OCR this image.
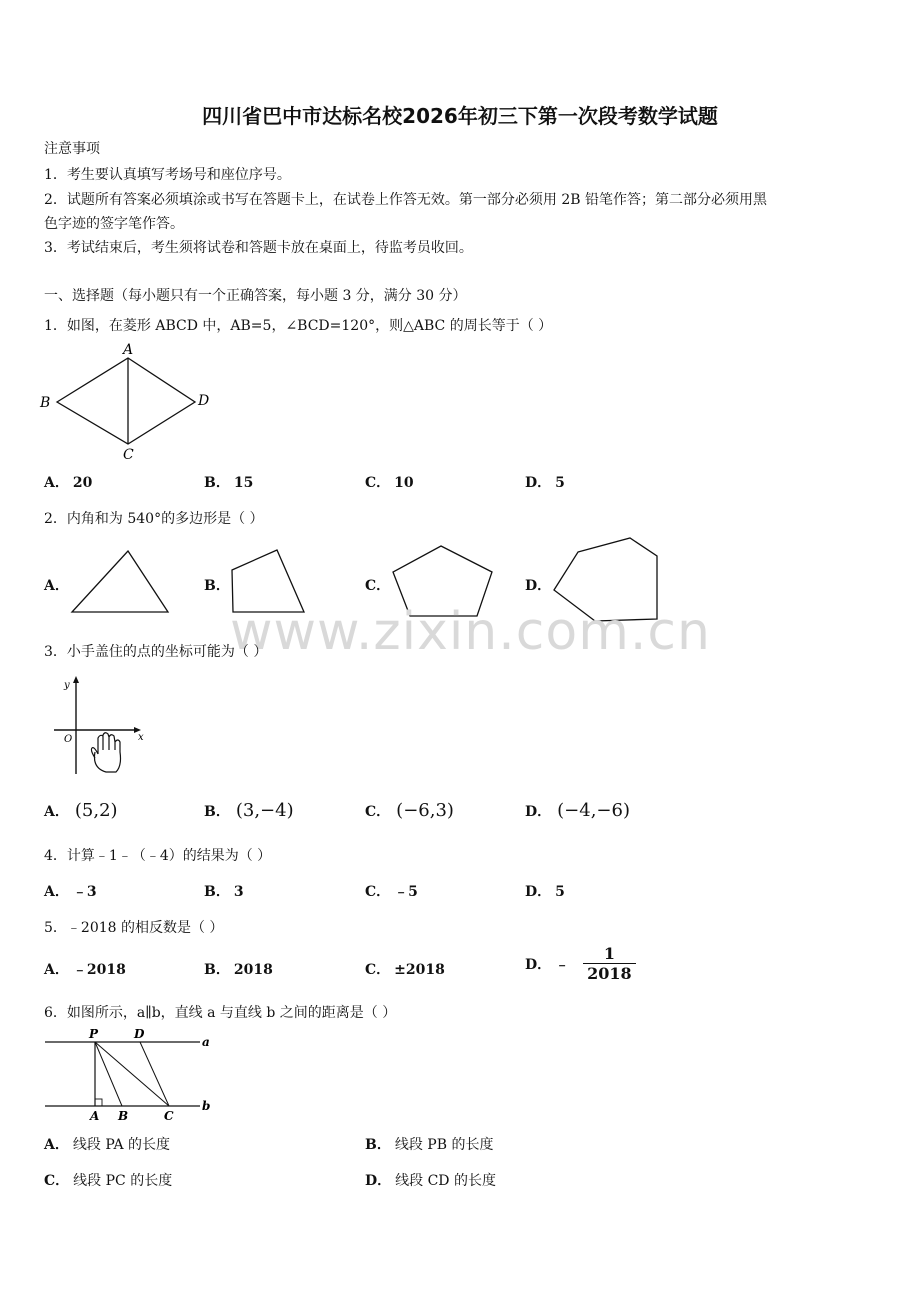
四川省巴中市达标名校2026年初三下第一次段考数学试题
注意事项
1．考生要认真填写考场号和座位序号。
2．试题所有答案必须填涂或书写在答题卡上，在试卷上作答无效。第一部分必须用 2B 铅笔作答；第二部分必须用黑
色字迹的签字笔作答。
3．考试结束后，考生须将试卷和答题卡放在桌面上，待监考员收回。
一、选择题（每小题只有一个正确答案，每小题 3 分，满分 30 分）
1．如图，在菱形 ABCD 中，AB=5，∠BCD=120°，则△ABC 的周长等于（ ）
A
B
C
D
A． 20	B． 15	C． 10	D． 5
2．内角和为 540°的多边形是（ ）
A．	B．	C．	D．
www.zixin.com.cn
3．小手盖住的点的坐标可能为（ ）
y
x
O
A． (5,2)	B． (3,−4)	C． (−6,3)	D． (−4,−6)
4．计算﹣1﹣（﹣4）的结果为（ ）
A． ﹣3	B． 3	C． ﹣5	D． 5
5．﹣2018 的相反数是（ ）
A． ﹣2018	B． 2018	C． ±2018	D． ﹣ $\frac{1}{2018}$
6．如图所示，a∥b，直线 a 与直线 b 之间的距离是（ ）
P	D
a
A B	C
b
A． 线段 PA 的长度	B． 线段 PB 的长度
C． 线段 PC 的长度	D． 线段 CD 的长度
